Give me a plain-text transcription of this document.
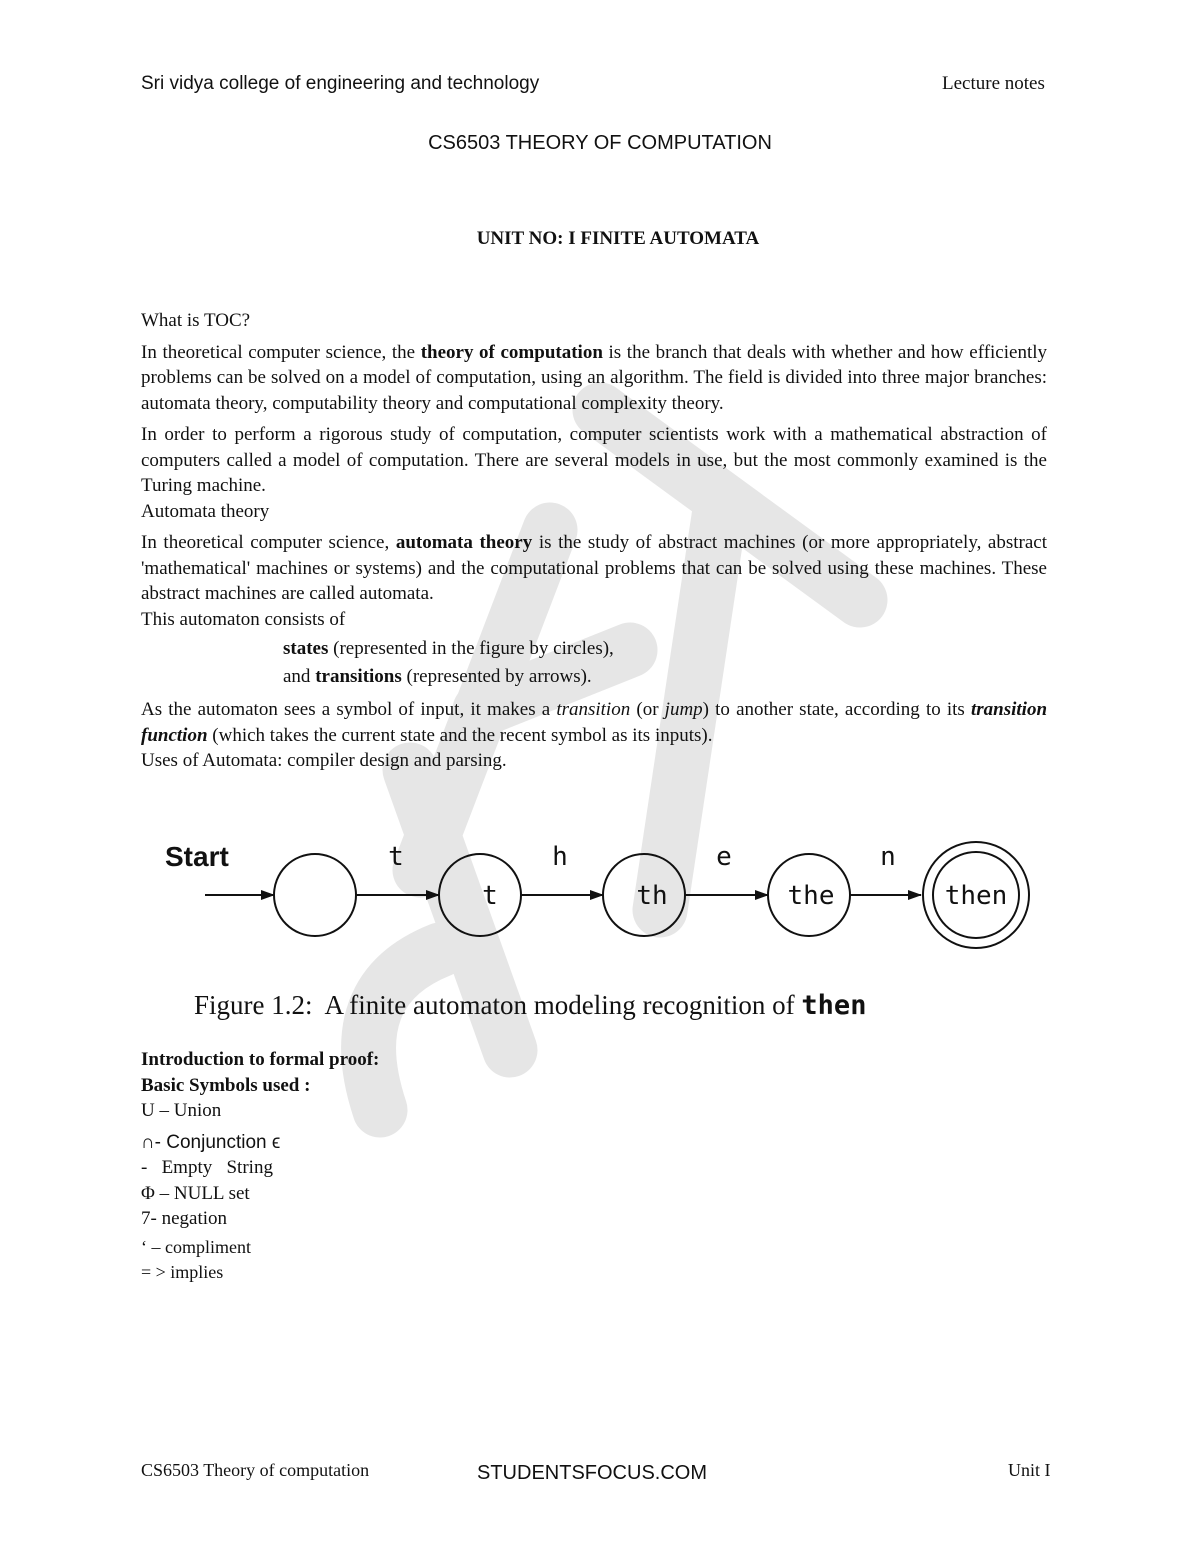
Sri vidya college of engineering and technology	Lecture notes
CS6503 THEORY OF COMPUTATION
UNIT NO: I FINITE AUTOMATA

What is TOC?

In theoretical computer science, the theory of computation is the branch that deals with whether and how efficiently problems can be solved on a model of computation, using an algorithm. The field is divided into three major branches: automata theory, computability theory and computational complexity theory.

In order to perform a rigorous study of computation, computer scientists work with a mathematical abstraction of computers called a model of computation. There are several models in use, but the most commonly examined is the Turing machine.

Automata theory

In theoretical computer science, automata theory is the study of abstract machines (or more appropriately, abstract 'mathematical' machines or systems) and the computational problems that can be solved using these machines. These abstract machines are called automata.

This automaton consists of

states (represented in the figure by circles),

and transitions (represented by arrows).

As the automaton sees a symbol of input, it makes a transition (or jump) to another state, according to its transition function (which takes the current state and the recent symbol as its inputs).

Uses of Automata: compiler design and parsing.

Start	t
t
h
th
e
the
n
then
Figure 1.2:  A finite automaton modeling recognition of then

Introduction to formal proof:

Basic Symbols used :

U – Union

∩- Conjunction ϵ

-   Empty   String

Φ – NULL set

7- negation

‘ – compliment

= > implies

CS6503 Theory of computation	STUDENTSFOCUS.COM	Unit I
